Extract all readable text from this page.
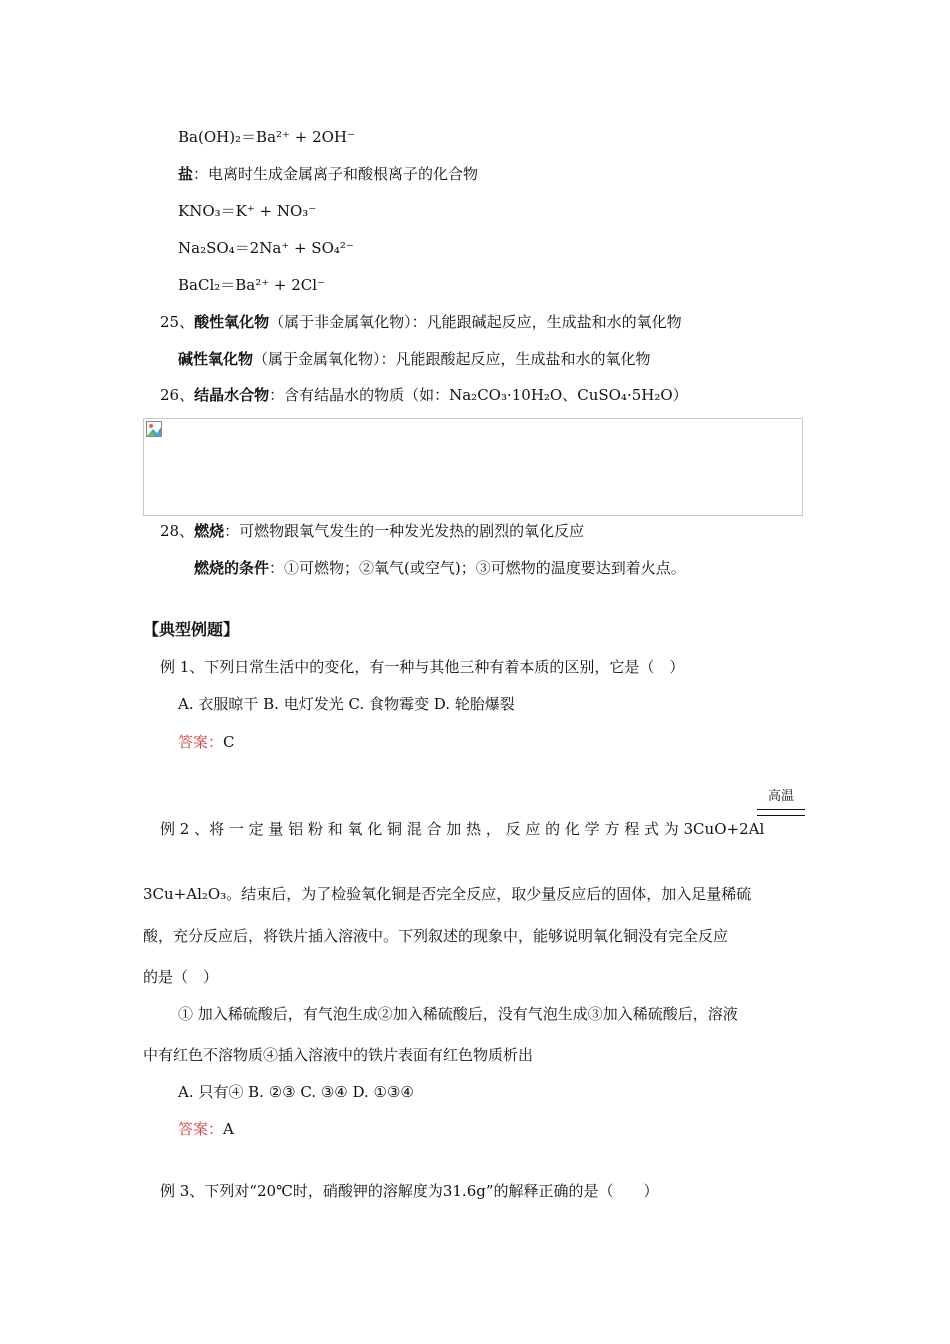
Ba(OH)₂＝Ba²⁺ + 2OH⁻
盐：电离时生成金属离子和酸根离子的化合物
KNO₃＝K⁺ + NO₃⁻
Na₂SO₄＝2Na⁺ + SO₄²⁻
BaCl₂＝Ba²⁺ + 2Cl⁻
25、酸性氧化物（属于非金属氧化物）：凡能跟碱起反应，生成盐和水的氧化物
碱性氧化物（属于金属氧化物）：凡能跟酸起反应，生成盐和水的氧化物
26、结晶水合物：含有结晶水的物质（如：Na₂CO₃·10H₂O、CuSO₄·5H₂O）
28、燃烧：可燃物跟氧气发生的一种发光发热的剧烈的氧化反应
燃烧的条件：①可燃物；②氧气(或空气)；③可燃物的温度要达到着火点。
【典型例题】
例 1、下列日常生活中的变化，有一种与其他三种有着本质的区别，它是（　）
A. 衣服晾干 B. 电灯发光 C. 食物霉变 D. 轮胎爆裂
答案：C
高温
例 2 、将 一 定 量 铝 粉 和 氧 化 铜 混 合 加 热 ， 反 应 的 化 学 方 程 式 为 3CuO+2Al
3Cu+Al₂O₃。结束后，为了检验氧化铜是否完全反应，取少量反应后的固体，加入足量稀硫
酸，充分反应后，将铁片插入溶液中。下列叙述的现象中，能够说明氧化铜没有完全反应
的是（　）
① 加入稀硫酸后，有气泡生成②加入稀硫酸后，没有气泡生成③加入稀硫酸后，溶液
中有红色不溶物质④插入溶液中的铁片表面有红色物质析出
A. 只有④ B. ②③ C. ③④ D. ①③④
答案：A
例 3、下列对“20℃时，硝酸钾的溶解度为31.6g”的解释正确的是（　　）
